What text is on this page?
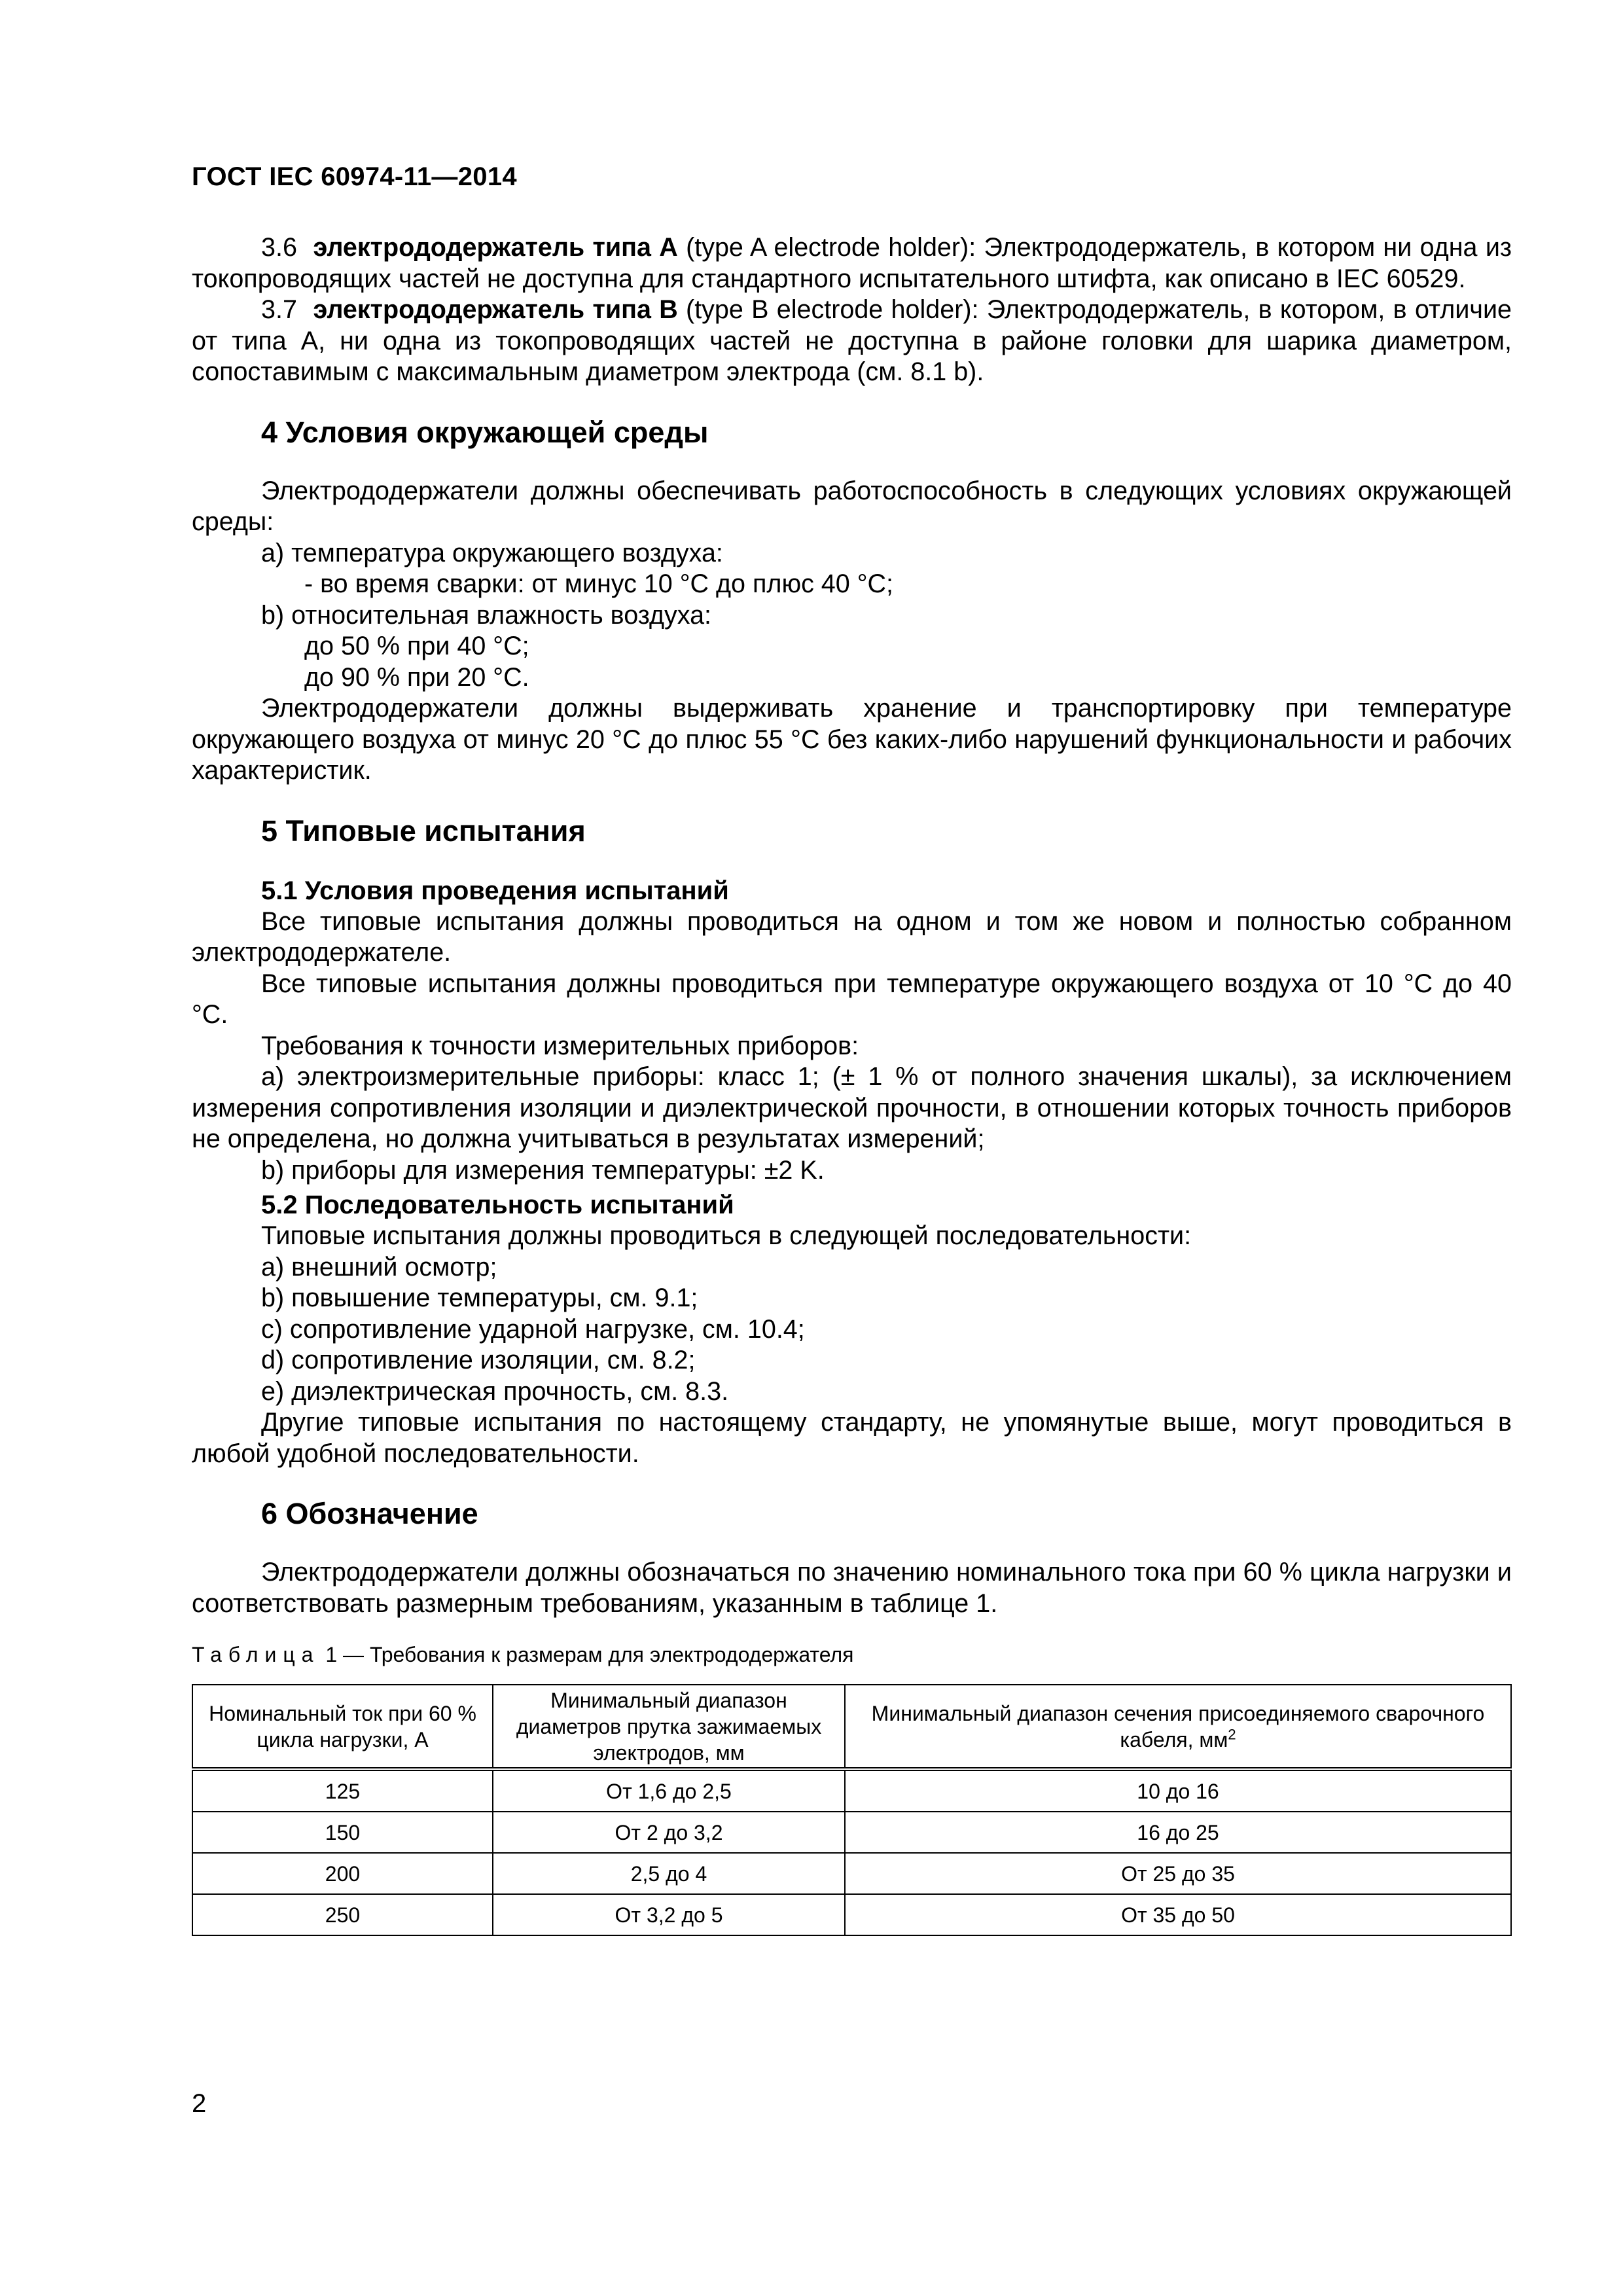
ГОСТ IEC 60974-11—2014

3.6 электрододержатель типа А (type A electrode holder): Электрододержатель, в котором ни одна из токопроводящих частей не доступна для стандартного испытательного штифта, как описано в IEC 60529.

3.7 электрододержатель типа В (type B electrode holder): Электрододержатель, в котором, в отличие от типа А, ни одна из токопроводящих частей не доступна в районе головки для шарика диаметром, сопоставимым с максимальным диаметром электрода (см. 8.1 b).

4 Условия окружающей среды

Электрододержатели должны обеспечивать работоспособность в следующих условиях окружающей среды:

а) температура окружающего воздуха:

- во время сварки: от минус 10 °С до плюс 40 °С;

b) относительная влажность воздуха:

до 50 % при 40 °С;

до 90 % при 20 °С.

Электрододержатели должны выдерживать хранение и транспортировку при температуре окружающего воздуха от минус 20 °С до плюс 55 °С без каких-либо нарушений функциональности и рабочих характеристик.

5 Типовые испытания
5.1 Условия проведения испытаний

Все типовые испытания должны проводиться на одном и том же новом и полностью собранном электрододержателе.

Все типовые испытания должны проводиться при температуре окружающего воздуха от 10 °С до 40 °С.

Требования к точности измерительных приборов:

а) электроизмерительные приборы: класс 1; (± 1 % от полного значения шкалы), за исключением измерения сопротивления изоляции и диэлектрической прочности, в отношении которых точность приборов не определена, но должна учитываться в результатах измерений;

b) приборы для измерения температуры: ±2 K.

5.2 Последовательность испытаний

Типовые испытания должны проводиться в следующей последовательности:

а) внешний осмотр;

b) повышение температуры, см. 9.1;

c) сопротивление ударной нагрузке, см. 10.4;

d) сопротивление изоляции, см. 8.2;

e) диэлектрическая прочность, см. 8.3.

Другие типовые испытания по настоящему стандарту, не упомянутые выше, могут проводиться в любой удобной последовательности.

6 Обозначение

Электрододержатели должны обозначаться по значению номинального тока при 60 % цикла нагрузки и соответствовать размерным требованиям, указанным в таблице 1.

Таблица 1 — Требования к размерам для электрододержателя

Номинальный ток при 60 % цикла нагрузки, А	Минимальный диапазон диаметров прутка зажимаемых электродов, мм	Минимальный диапазон сечения присоединяемого сварочного кабеля, $мм^2$
125	От 1,6 до 2,5	10 до 16
150	От 2 до 3,2	16 до 25
200	2,5 до 4	От 25 до 35
250	От 3,2 до 5	От 35 до 50
2
